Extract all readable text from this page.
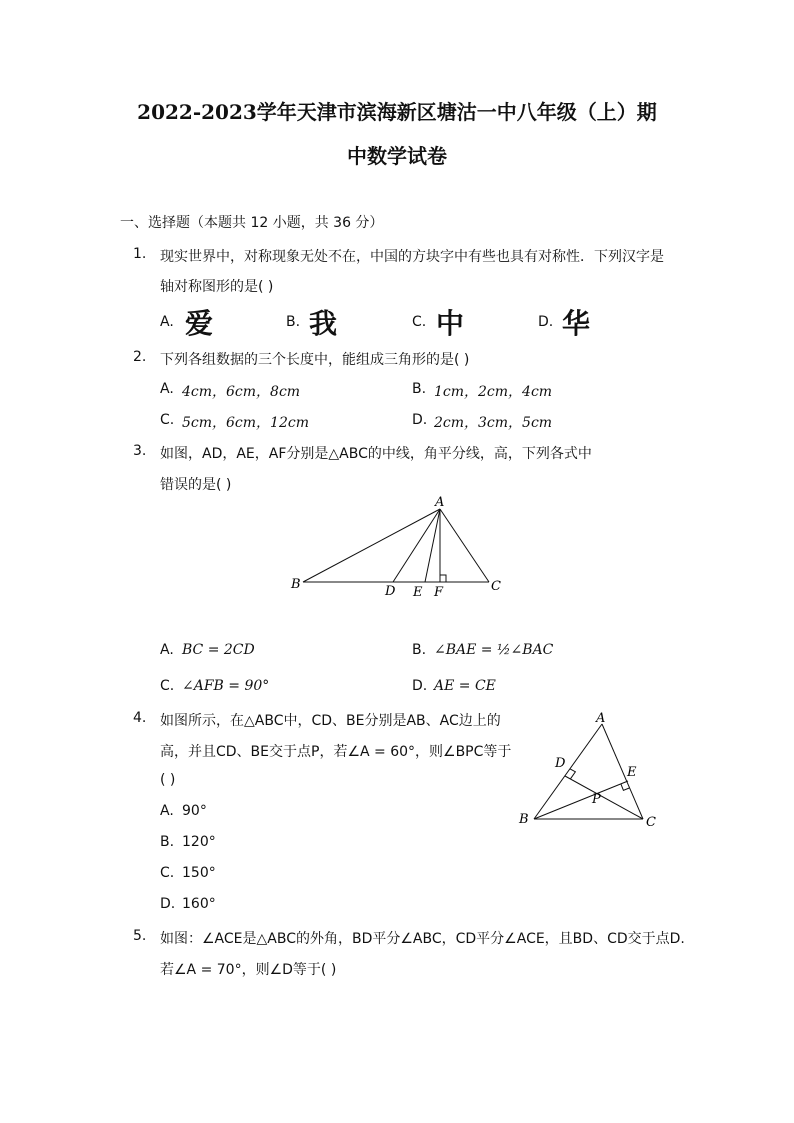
2022-2023学年天津市滨海新区塘沽一中八年级（上）期
中数学试卷
一、选择题（本题共 12 小题，共 36 分）
1. 现实世界中，对称现象无处不在，中国的方块字中有些也具有对称性．下列汉字是
轴对称图形的是( )
A. 爱	B. 我	C. 中	D. 华
2. 下列各组数据的三个长度中，能组成三角形的是( )
A. 4cm，6cm，8cm	B. 1cm，2cm，4cm
C. 5cm，6cm，12cm	D. 2cm，3cm，5cm
3. 如图，AD，AE，AF分别是△ABC的中线，角平分线，高，下列各式中
错误的是( )
A
B	C
D E F
A. BC = 2CD	B. ∠BAE = ½∠BAC
C. ∠AFB = 90°	D. AE = CE
4. 如图所示，在△ABC中，CD、BE分别是AB、AC边上的
高，并且CD、BE交于点P，若∠A = 60°，则∠BPC等于
( )
A
B	C
D
E
P
A. 90°
B. 120°
C. 150°
D. 160°
5. 如图：∠ACE是△ABC的外角，BD平分∠ABC，CD平分∠ACE，且BD、CD交于点D.
若∠A = 70°，则∠D等于( )
